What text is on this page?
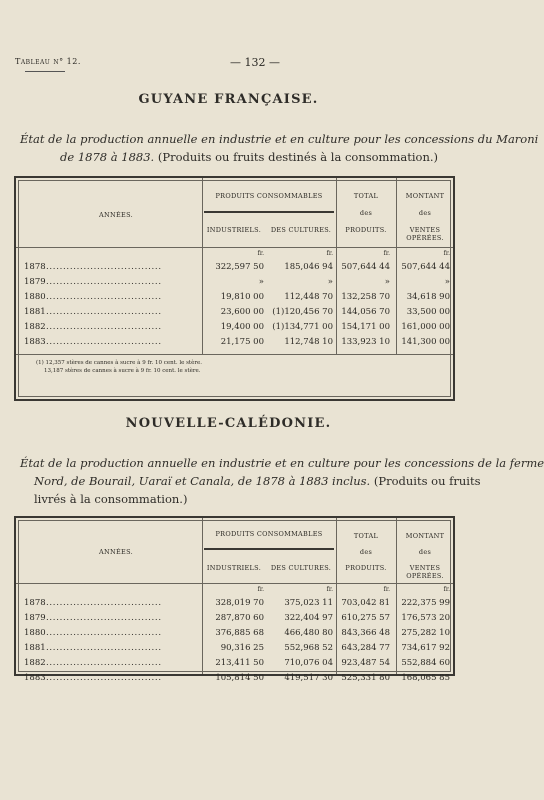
Tableau n° 12.	— 132 —
GUYANE FRANÇAISE.
État de la production annuelle en industrie et en culture pour les concessions du Maroni
de 1878 à 1883. (Produits ou fruits destinés à la consommation.)
ANNÉES.
PRODUITS CONSOMMABLES
INDUSTRIELS.	DES CULTURES.
TOTAL
des
PRODUITS.
MONTANT
des
VENTES OPÉRÉES.
fr.	fr.	fr.	fr.
1878 . . . . . . . . . . . . . . . . . . . . . . . . . . . . . . . . . .	322,597 50	185,046 94 507,644 44	507,644 44
1879 . . . . . . . . . . . . . . . . . . . . . . . . . . . . . . . . . .	»	»	»	»
1880 . . . . . . . . . . . . . . . . . . . . . . . . . . . . . . . . . .	19,810 00	112,448 70 132,258 70	34,618 90
1881 . . . . . . . . . . . . . . . . . . . . . . . . . . . . . . . . . .	23,600 00 (1)120,456 70 144,056 70	33,500 00
1882 . . . . . . . . . . . . . . . . . . . . . . . . . . . . . . . . . .	19,400 00 (1)134,771 00 154,171 00	161,000 00
1883 . . . . . . . . . . . . . . . . . . . . . . . . . . . . . . . . . .	21,175 00	112,748 10 133,923 10	141,300 00
(1) 12,357 stères de cannes à sucre à 9 fr. 10 cent. le stère.
13,187 stères de cannes à sucre à 9 fr. 10 cent. le stère.
NOUVELLE-CALÉDONIE.
État de la production annuelle en industrie et en culture pour les concessions de la ferme
Nord, de Bourail, Uaraï et Canala, de 1878 à 1883 inclus. (Produits ou fruits
livrés à la consommation.)
ANNÉES.
PRODUITS CONSOMMABLES
INDUSTRIELS.	DES CULTURES.
TOTAL
des
PRODUITS.
MONTANT
des
VENTES OPÉRÉES.
fr.	fr.	fr.	fr.
1878 . . . . . . . . . . . . . . . . . . . . . . . . . . . . . . . . . .	328,019 70	375,023 11 703,042 81	222,375 99
1879 . . . . . . . . . . . . . . . . . . . . . . . . . . . . . . . . . .	287,870 60	322,404 97 610,275 57	176,573 20
1880 . . . . . . . . . . . . . . . . . . . . . . . . . . . . . . . . . .	376,885 68	466,480 80 843,366 48	275,282 10
1881 . . . . . . . . . . . . . . . . . . . . . . . . . . . . . . . . . .	90,316 25	552,968 52 643,284 77	734,617 92
1882 . . . . . . . . . . . . . . . . . . . . . . . . . . . . . . . . . .	213,411 50	710,076 04 923,487 54	552,884 60
1883 . . . . . . . . . . . . . . . . . . . . . . . . . . . . . . . . . .	105,814 50	419,517 30 525,331 80	168,065 85
